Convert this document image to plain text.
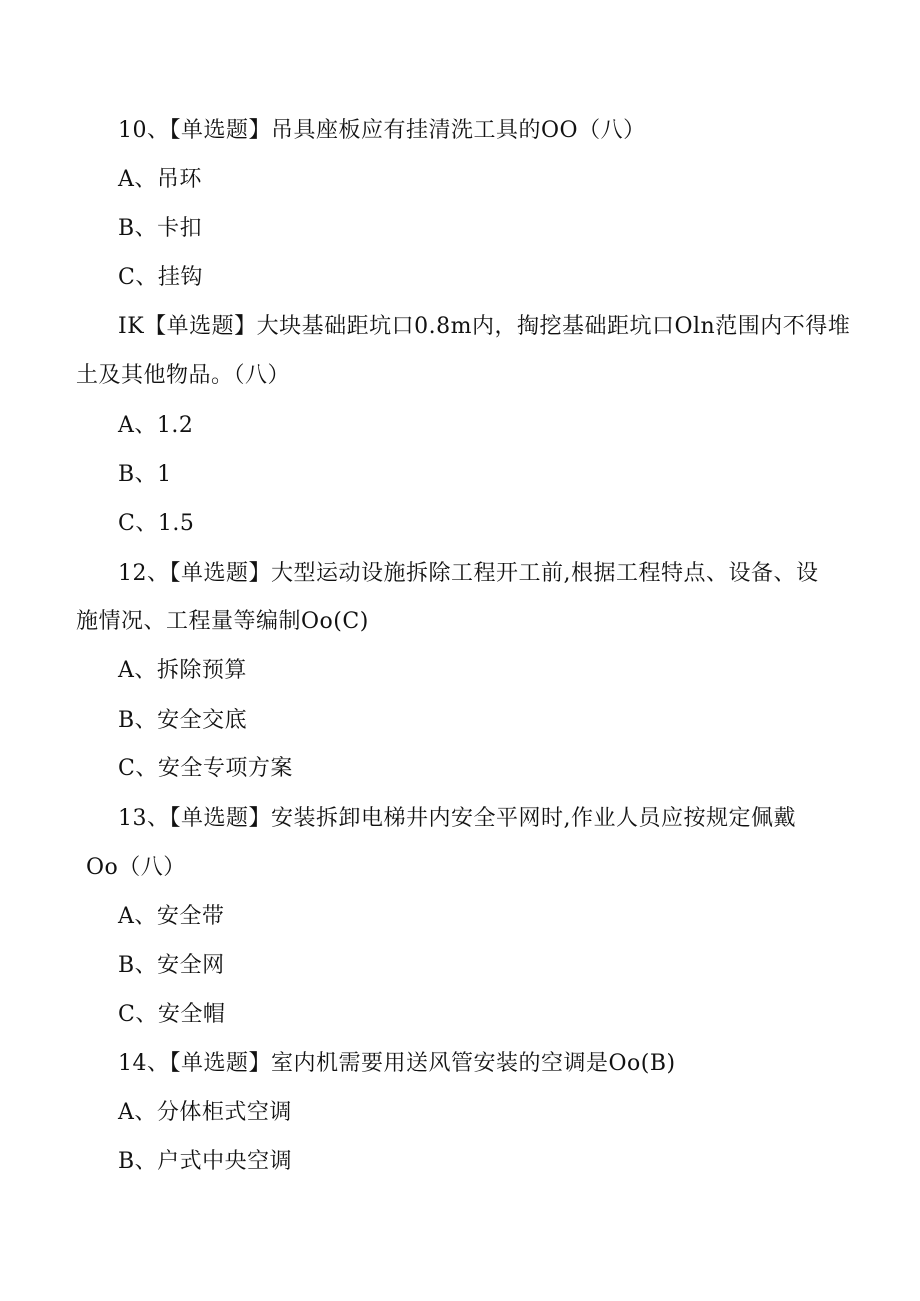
10、【单选题】吊具座板应有挂清洗工具的OO（八）
A、吊环
B、卡扣
C、挂钩
IK【单选题】大块基础距坑口0.8m内，掏挖基础距坑口Oln范围内不得堆
土及其他物品。（八）
A、1.2
B、1
C、1.5
12、【单选题】大型运动设施拆除工程开工前,根据工程特点、设备、设
施情况、工程量等编制Oo(C)
A、拆除预算
B、安全交底
C、安全专项方案
13、【单选题】安装拆卸电梯井内安全平网时,作业人员应按规定佩戴
Oo（八）
A、安全带
B、安全网
C、安全帽
14、【单选题】室内机需要用送风管安装的空调是Oo(B)
A、分体柜式空调
B、户式中央空调
